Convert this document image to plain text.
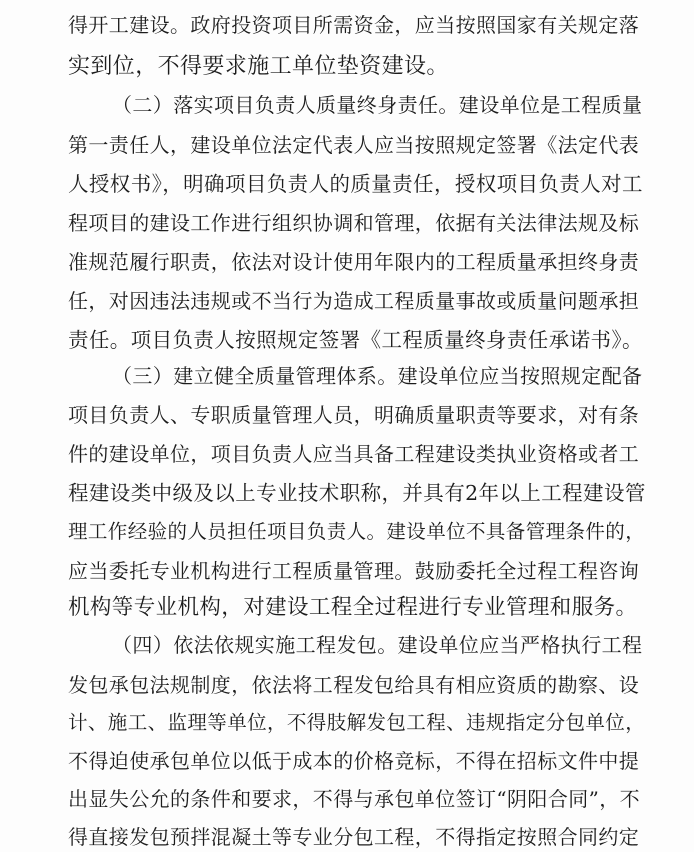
得开工建设。政府投资项目所需资金，应当按照国家有关规定落
实到位，不得要求施工单位垫资建设。
（二）落实项目负责人质量终身责任。建设单位是工程质量
第一责任人，建设单位法定代表人应当按照规定签署《法定代表
人授权书》，明确项目负责人的质量责任，授权项目负责人对工
程项目的建设工作进行组织协调和管理，依据有关法律法规及标
准规范履行职责，依法对设计使用年限内的工程质量承担终身责
任，对因违法违规或不当行为造成工程质量事故或质量问题承担
责任。项目负责人按照规定签署《工程质量终身责任承诺书》。
（三）建立健全质量管理体系。建设单位应当按照规定配备
项目负责人、专职质量管理人员，明确质量职责等要求，对有条
件的建设单位，项目负责人应当具备工程建设类执业资格或者工
程建设类中级及以上专业技术职称，并具有2年以上工程建设管
理工作经验的人员担任项目负责人。建设单位不具备管理条件的，
应当委托专业机构进行工程质量管理。鼓励委托全过程工程咨询
机构等专业机构，对建设工程全过程进行专业管理和服务。
（四）依法依规实施工程发包。建设单位应当严格执行工程
发包承包法规制度，依法将工程发包给具有相应资质的勘察、设
计、施工、监理等单位，不得肢解发包工程、违规指定分包单位，
不得迫使承包单位以低于成本的价格竞标，不得在招标文件中提
出显失公允的条件和要求，不得与承包单位签订“阴阳合同”，不
得直接发包预拌混凝土等专业分包工程，不得指定按照合同约定
